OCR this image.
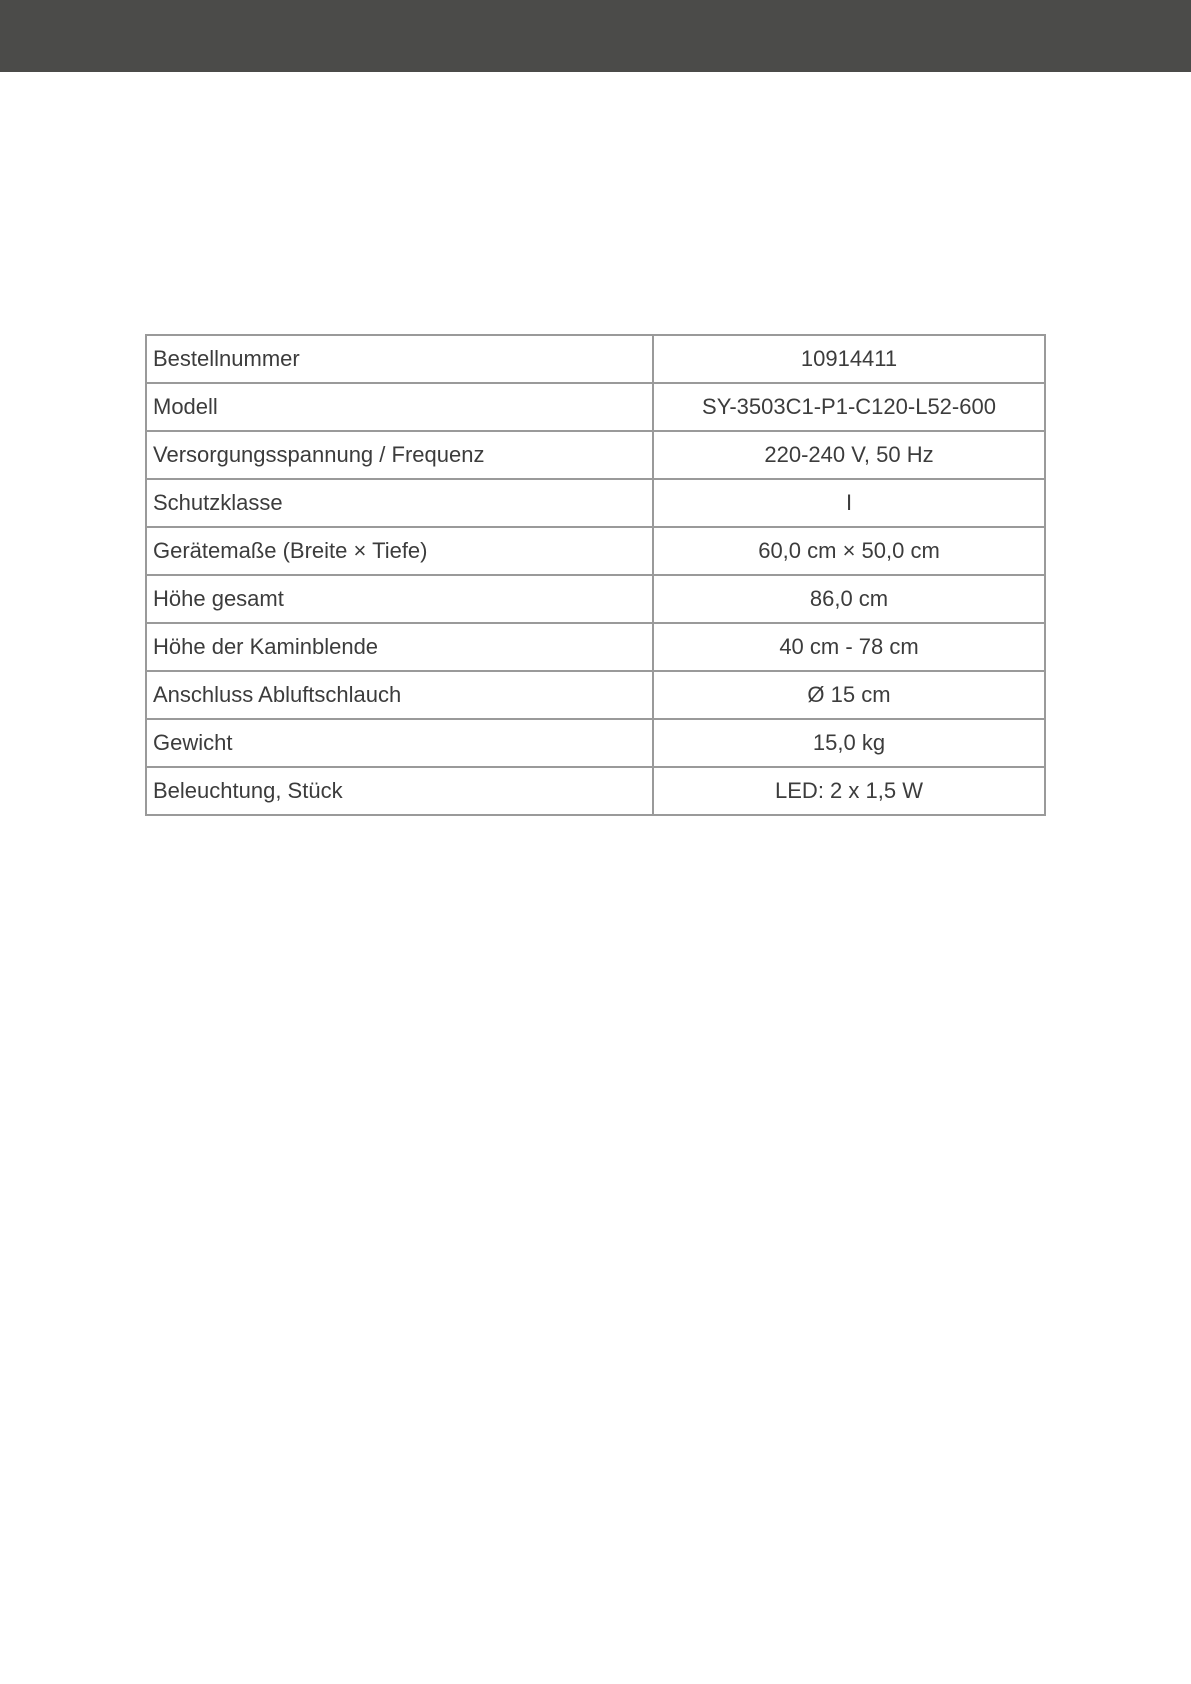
Bestellnummer	10914411
Modell	SY-3503C1-P1-C120-L52-600
Versorgungsspannung / Frequenz	220-240 V, 50 Hz
Schutzklasse	I
Gerätemaße (Breite × Tiefe)	60,0 cm × 50,0 cm
Höhe gesamt	86,0 cm
Höhe der Kaminblende	40 cm - 78 cm
Anschluss Abluftschlauch	Ø 15 cm
Gewicht	15,0 kg
Beleuchtung, Stück	LED: 2 x 1,5 W
